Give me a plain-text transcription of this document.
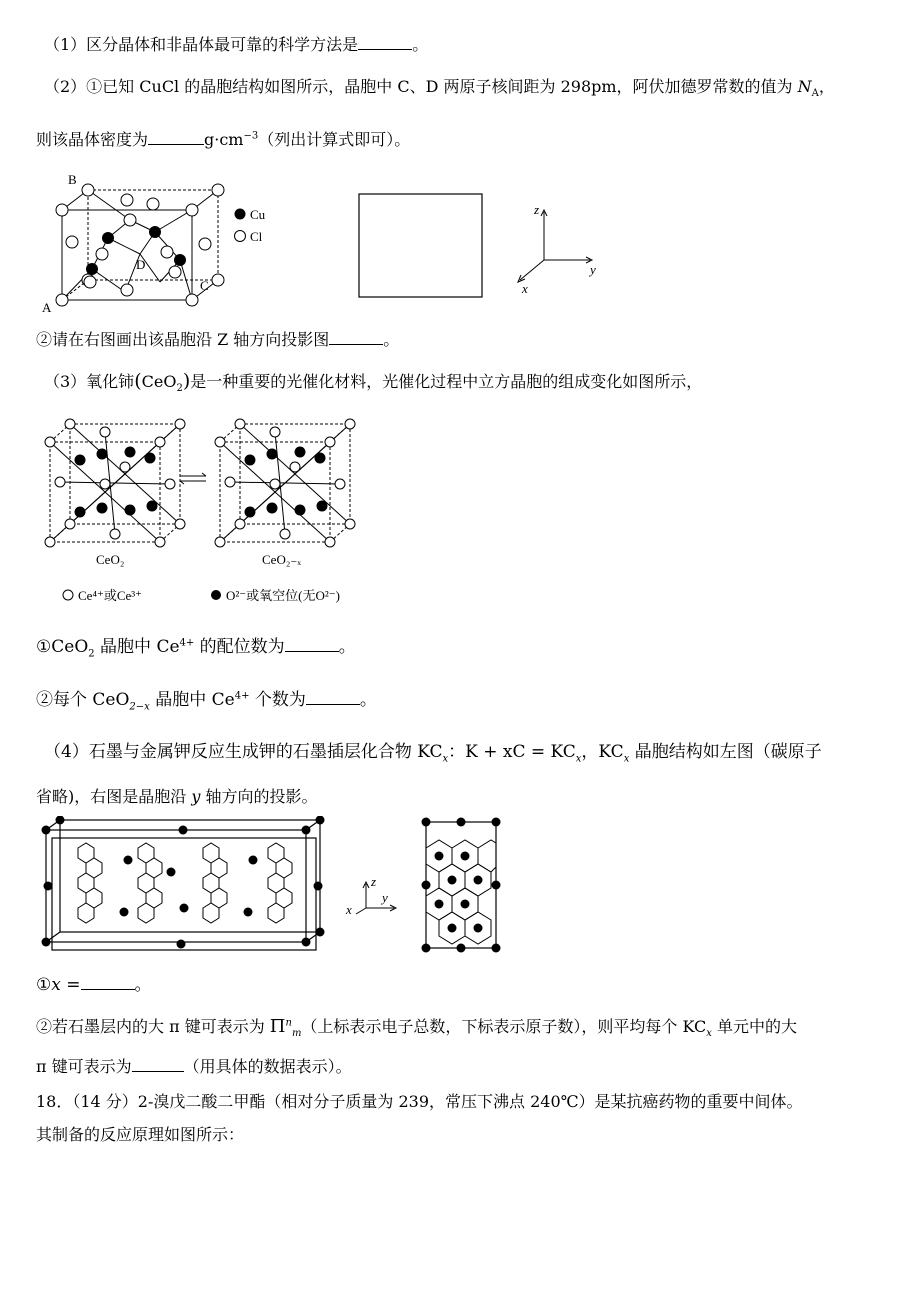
（1）区分晶体和非晶体最可靠的科学方法是	。
（2）①已知 CuCl 的晶胞结构如图所示，晶胞中 C、D 两原子核间距为 298pm，阿伏加德罗常数的值为 $N_A$，
则该晶体密度为	$g\cdot cm^{-3}$（列出计算式即可）。
B
A
C
D
Cu
Cl
z
y
x
②请在右图画出该晶胞沿 Z 轴方向投影图	。
（3）氧化铈(CeO$_2$)是一种重要的光催化材料，光催化过程中立方晶胞的组成变化如图所示，
CeO₂	CeO₂₋ₓ
Ce⁴⁺或Ce³⁺	O²⁻或氧空位(无O²⁻)
①CeO$_2$ 晶胞中 $Ce^{4+}$ 的配位数为	。
②每个 CeO$_{2-x}$ 晶胞中 $Ce^{4+}$ 个数为	。
（4）石墨与金属钾反应生成钾的石墨插层化合物 $KC_x$：K + xC = $KC_x$，$KC_x$ 晶胞结构如左图（碳原子
省略)，右图是晶胞沿 y 轴方向的投影。
z
y
x
①x =	。
②若石墨层内的大 π 键可表示为 $\Pi^n_m$（上标表示电子总数，下标表示原子数），则平均每个 $KC_x$ 单元中的大
π 键可表示为	（用具体的数据表示）。
18．（14 分）2-溴戊二酸二甲酯（相对分子质量为 239，常压下沸点 240℃）是某抗癌药物的重要中间体。
其制备的反应原理如图所示：
